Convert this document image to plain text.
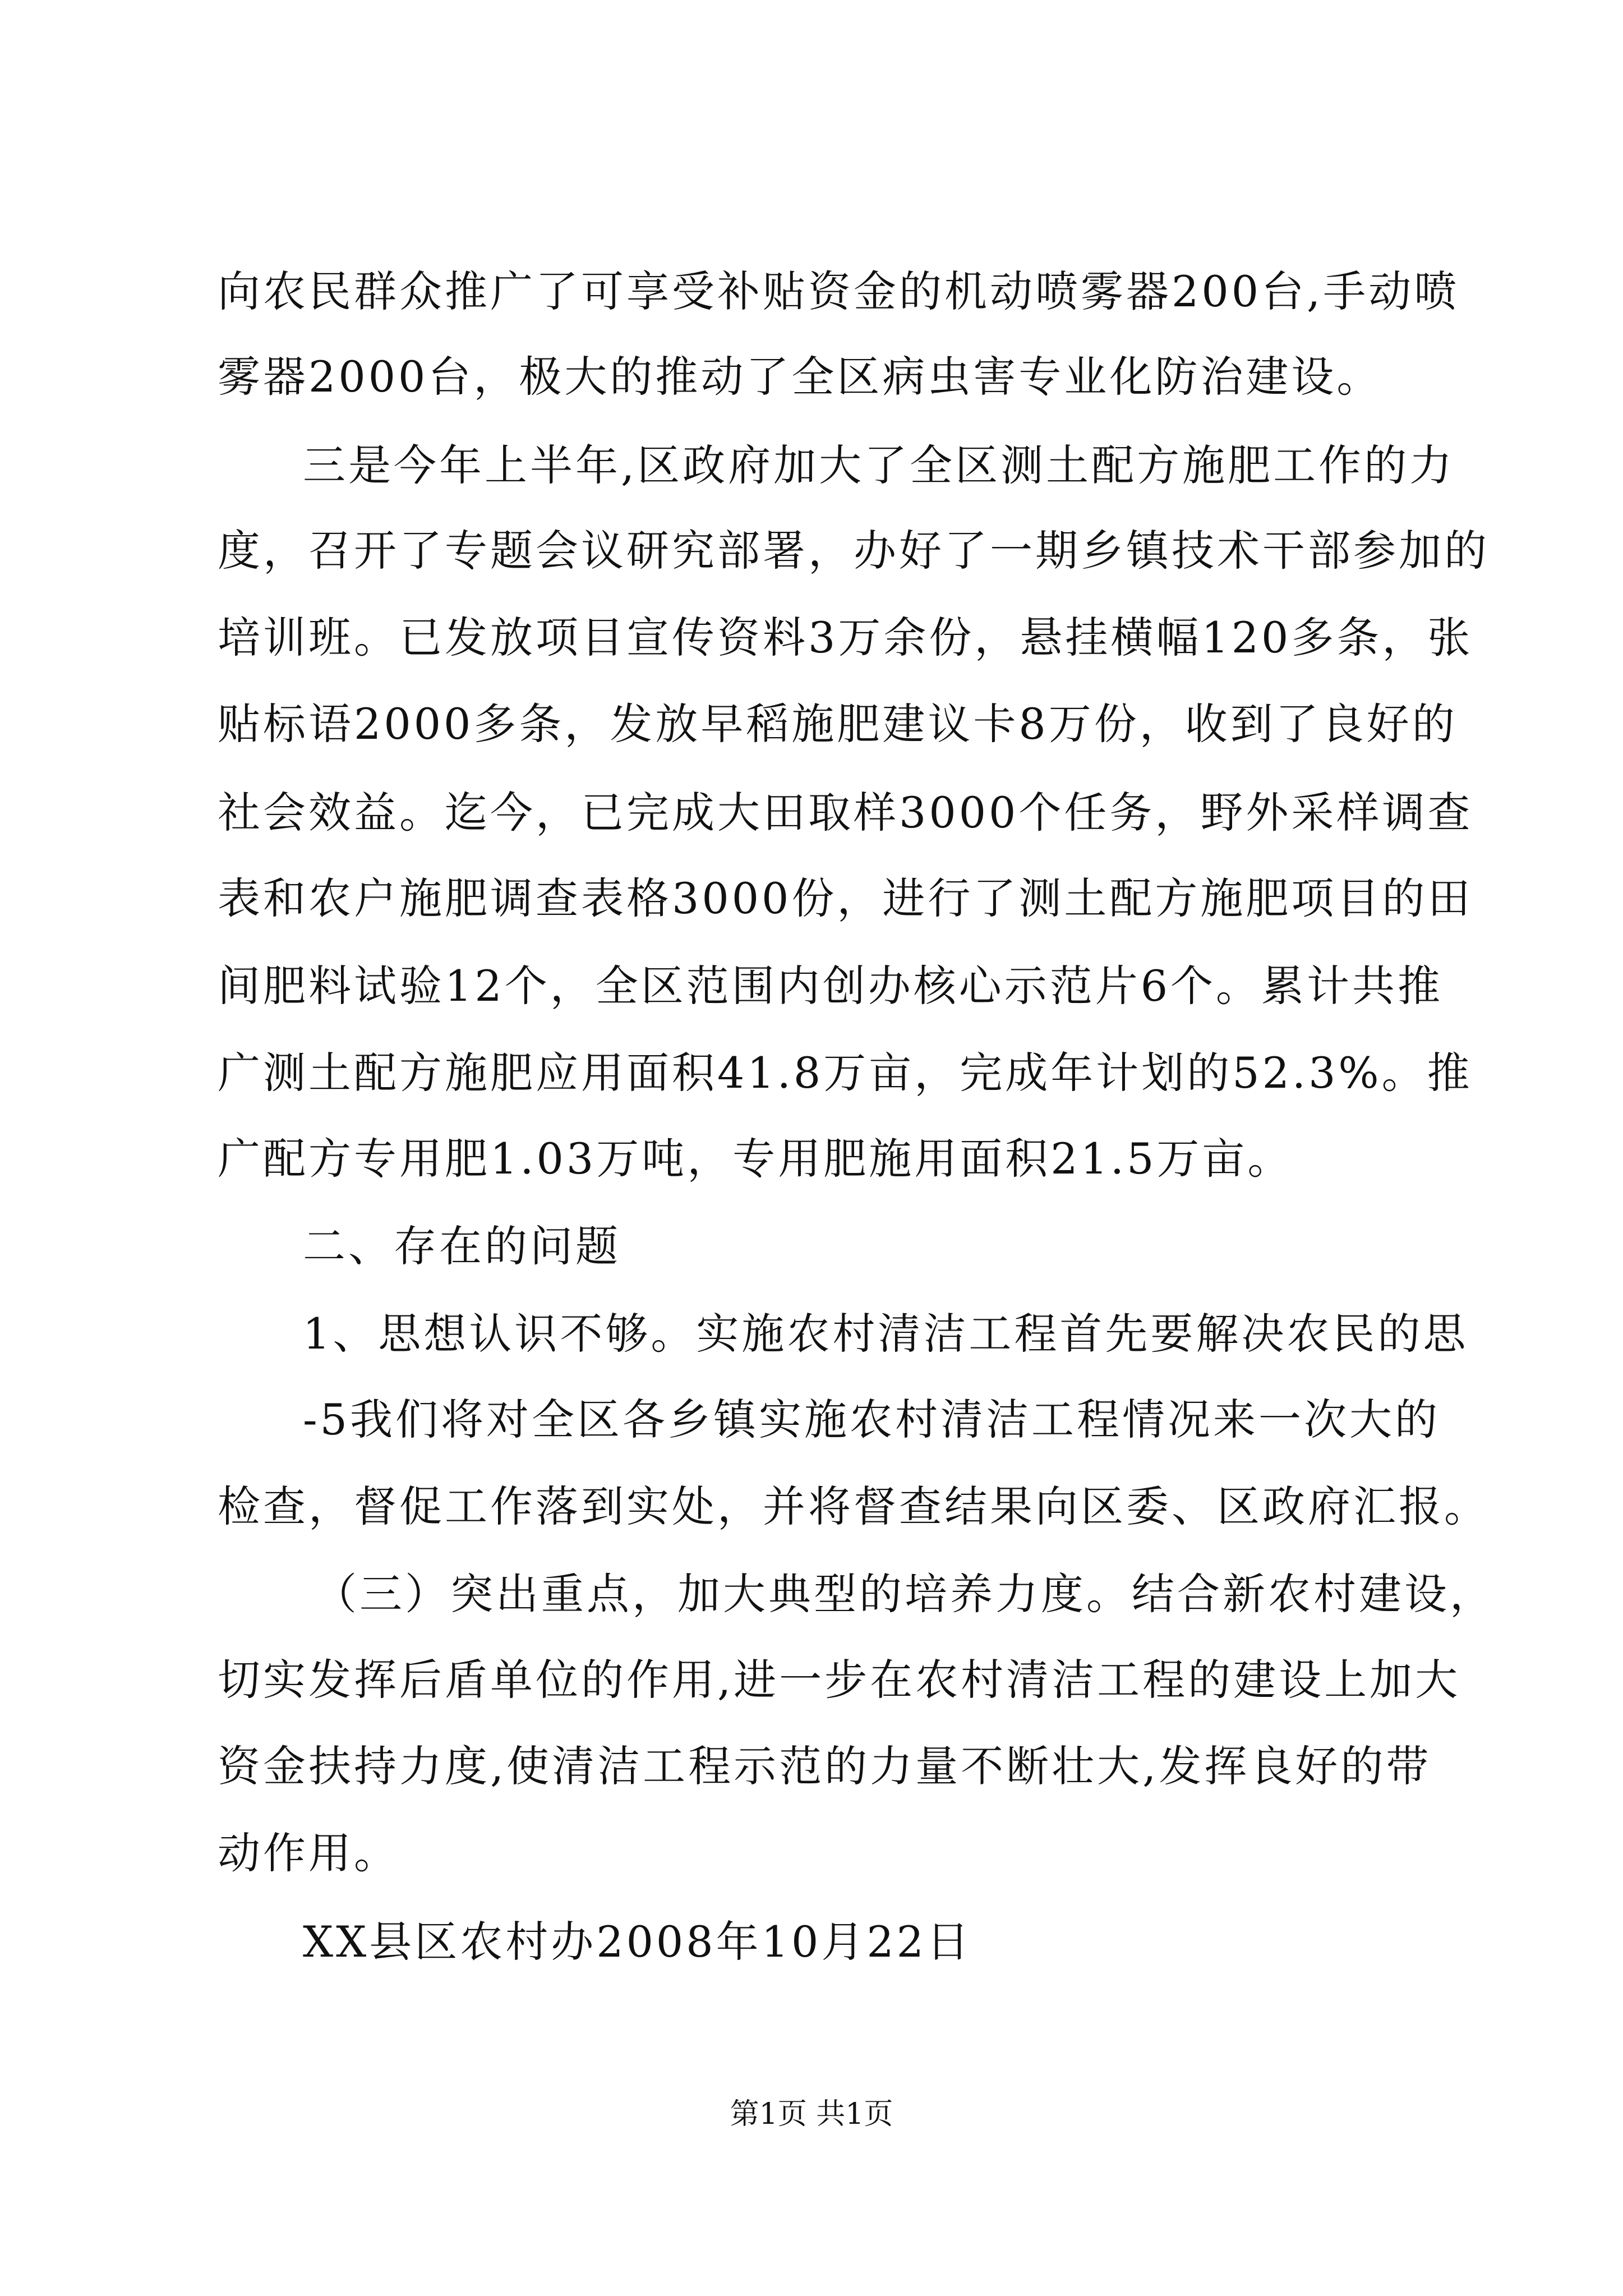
向农民群众推广了可享受补贴资金的机动喷雾器200台,手动喷
雾器2000台，极大的推动了全区病虫害专业化防治建设。
三是今年上半年,区政府加大了全区测土配方施肥工作的力
度，召开了专题会议研究部署，办好了一期乡镇技术干部参加的
培训班。已发放项目宣传资料3万余份，悬挂横幅120多条，张
贴标语2000多条，发放早稻施肥建议卡8万份，收到了良好的
社会效益。迄今，已完成大田取样3000个任务，野外采样调查
表和农户施肥调查表格3000份，进行了测土配方施肥项目的田
间肥料试验12个，全区范围内创办核心示范片6个。累计共推
广测土配方施肥应用面积41.8万亩，完成年计划的52.3%。推
广配方专用肥1.03万吨，专用肥施用面积21.5万亩。
二、存在的问题
1、思想认识不够。实施农村清洁工程首先要解决农民的思
-5我们将对全区各乡镇实施农村清洁工程情况来一次大的
检查，督促工作落到实处，并将督查结果向区委、区政府汇报。
（三）突出重点，加大典型的培养力度。结合新农村建设，
切实发挥后盾单位的作用,进一步在农村清洁工程的建设上加大
资金扶持力度,使清洁工程示范的力量不断壮大,发挥良好的带
动作用。
XX县区农村办2008年10月22日
第1页 共1页
